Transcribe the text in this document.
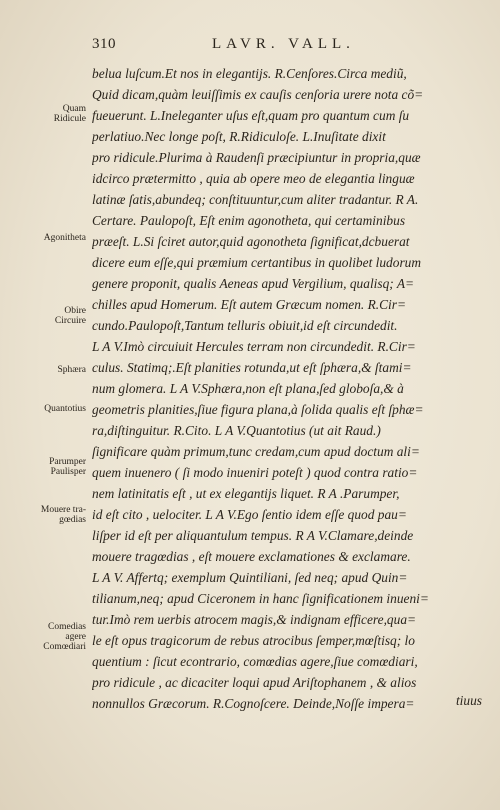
310	LAVR. VALL.
Quam
Ridicule
Agonitheta
Obire
Circuire
Sphæra
Quantotius
Parumper
Paulisper
Mouere tra-
gœdias
Comedias
agere
Comœdiari
belua luſcum.Et nos in elegantijs. R.Cenſores.Circa mediũ,
Quid dicam,quàm leuiſſimis ex cauſis cenſoria urere nota cõ=
fueuerunt. L.Ineleganter uſus eſt,quam pro quantum cum ſu
perlatiuo.Nec longe poſt, R.Ridiculoſe. L.Inuſitate dixit
pro ridicule.Plurima à Raudenſi præcipiuntur in propria,quæ
idcirco prætermitto , quia ab opere meo de elegantia linguæ
latinæ ſatis,abundeq; conſtituuntur,cum aliter tradantur. R A.
Certare. Paulopoſt, Eſt enim agonotheta, qui certaminibus
præeſt. L.Si ſciret autor,quid agonotheta ſignificat,dcbuerat
dicere eum eſſe,qui præmium certantibus in quolibet ludorum
genere proponit, qualis Aeneas apud Vergilium, qualisq; A=
chilles apud Homerum. Eſt autem Græcum nomen. R.Cir=
cundo.Paulopoſt,Tantum telluris obiuit,id eſt circundedit.
L A V.Imò circuiuit Hercules terram non circundedit. R.Cir=
culus. Statimq;.Eſt planities rotunda,ut eſt ſphæra,& ſtami=
num glomera. L A V.Sphæra,non eſt plana,ſed globoſa,& à
geometris planities,ſiue figura plana,à ſolida qualis eſt ſphæ=
ra,diſtinguitur. R.Cito. L A V.Quantotius (ut ait Raud.)
ſignificare quàm primum,tunc credam,cum apud doctum ali=
quem inuenero ( ſi modo inueniri poteſt ) quod contra ratio=
nem latinitatis eſt , ut ex elegantijs liquet. R A .Parumper,
id eſt cito , uelociter. L A V.Ego ſentio idem eſſe quod pau=
liſper id eſt per aliquantulum tempus. R A V.Clamare,deinde
mouere tragœdias , eſt mouere exclamationes & exclamare.
L A V. Affertq; exemplum Quintiliani, ſed neq; apud Quin=
tilianum,neq; apud Ciceronem in hanc ſignificationem inueni=
tur.Imò rem uerbis atrocem magis,& indignam efficere,qua=
le eſt opus tragicorum de rebus atrocibus ſemper,mœſtisq; lo
quentium : ſicut econtrario, comœdias agere,ſiue comœdiari,
pro ridicule , ac dicaciter loqui apud Ariſtophanem , & alios
nonnullos Græcorum. R.Cognoſcere. Deinde,Noſſe impera=	tiuus
